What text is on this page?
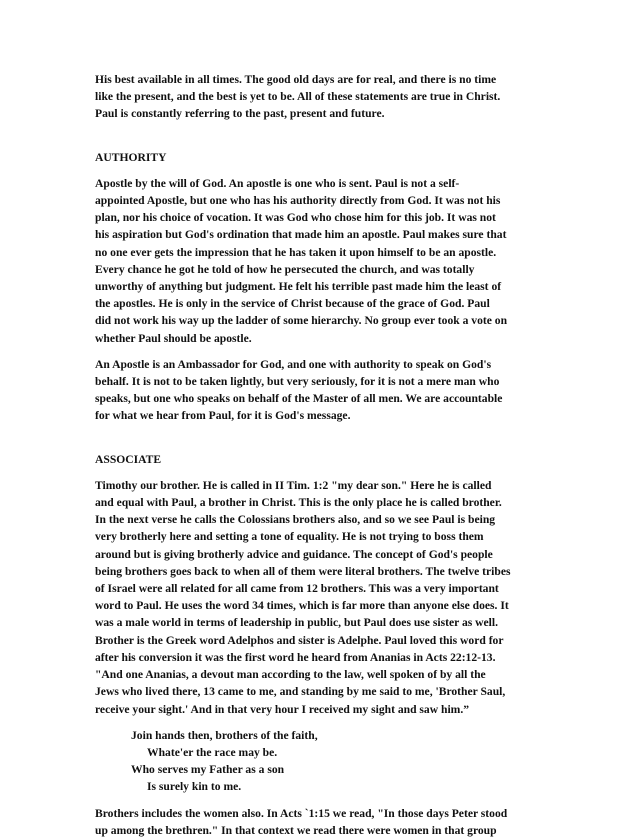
His best available in all times. The good old days are for real, and there is no time
like the present, and the best is yet to be. All of these statements are true in Christ.
Paul is constantly referring to the past, present and future.

AUTHORITY

Apostle by the will of God. An apostle is one who is sent. Paul is not a self-
appointed Apostle, but one who has his authority directly from God. It was not his
plan, nor his choice of vocation. It was God who chose him for this job. It was not
his aspiration but God's ordination that made him an apostle. Paul makes sure that
no one ever gets the impression that he has taken it upon himself to be an apostle.
Every chance he got he told of how he persecuted the church, and was totally
unworthy of anything but judgment. He felt his terrible past made him the least of
the apostles. He is only in the service of Christ because of the grace of God. Paul
did not work his way up the ladder of some hierarchy. No group ever took a vote on
whether Paul should be apostle.

An Apostle is an Ambassador for God, and one with authority to speak on God's
behalf. It is not to be taken lightly, but very seriously, for it is not a mere man who
speaks, but one who speaks on behalf of the Master of all men. We are accountable
for what we hear from Paul, for it is God's message.

ASSOCIATE

Timothy our brother. He is called in II Tim. 1:2 "my dear son." Here he is called
and equal with Paul, a brother in Christ. This is the only place he is called brother.
In the next verse he calls the Colossians brothers also, and so we see Paul is being
very brotherly here and setting a tone of equality. He is not trying to boss them
around but is giving brotherly advice and guidance. The concept of God's people
being brothers goes back to when all of them were literal brothers. The twelve tribes
of Israel were all related for all came from 12 brothers. This was a very important
word to Paul. He uses the word 34 times, which is far more than anyone else does. It
was a male world in terms of leadership in public, but Paul does use sister as well.
Brother is the Greek word Adelphos and sister is Adelphe. Paul loved this word for
after his conversion it was the first word he heard from Ananias in Acts 22:12-13.
"And one Ananias, a devout man according to the law, well spoken of by all the
Jews who lived there, 13 came to me, and standing by me said to me, 'Brother Saul,
receive your sight.' And in that very hour I received my sight and saw him.”

Join hands then, brothers of the faith,
Whate'er the race may be.
Who serves my Father as a son
Is surely kin to me.

Brothers includes the women also. In Acts `1:15 we read, "In those days Peter stood
up among the brethren." In that context we read there were women in that group
